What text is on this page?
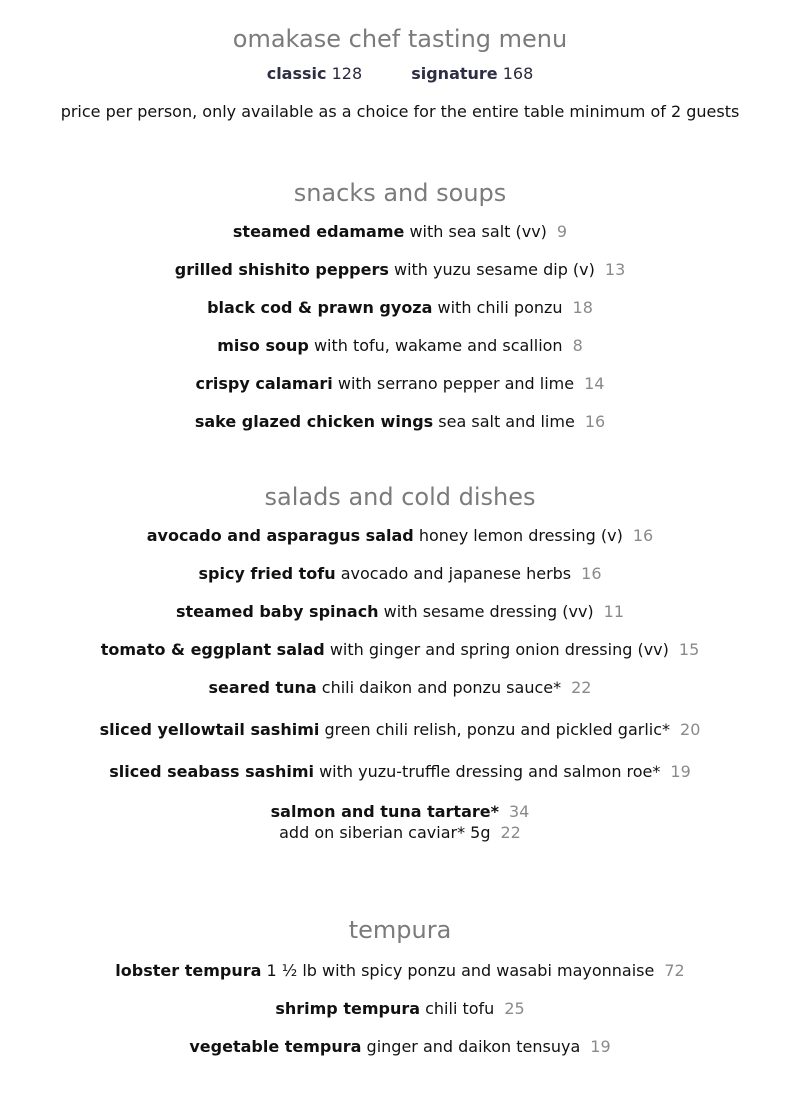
omakase chef tasting menu
classic 128	signature 168
price per person, only available as a choice for the entire table minimum of 2 guests
snacks and soups
steamed edamame with sea salt (vv) 9
grilled shishito peppers with yuzu sesame dip (v) 13
black cod & prawn gyoza with chili ponzu 18
miso soup with tofu, wakame and scallion 8
crispy calamari with serrano pepper and lime 14
sake glazed chicken wings sea salt and lime 16
salads and cold dishes
avocado and asparagus salad honey lemon dressing (v) 16
spicy fried tofu avocado and japanese herbs 16
steamed baby spinach with sesame dressing (vv) 11
tomato & eggplant salad with ginger and spring onion dressing (vv) 15
seared tuna chili daikon and ponzu sauce* 22
sliced yellowtail sashimi green chili relish, ponzu and pickled garlic* 20
sliced seabass sashimi with yuzu-truffle dressing and salmon roe* 19
salmon and tuna tartare* 34
add on siberian caviar* 5g 22
tempura
lobster tempura 1 ½ lb with spicy ponzu and wasabi mayonnaise 72
shrimp tempura chili tofu 25
vegetable tempura ginger and daikon tensuya 19
